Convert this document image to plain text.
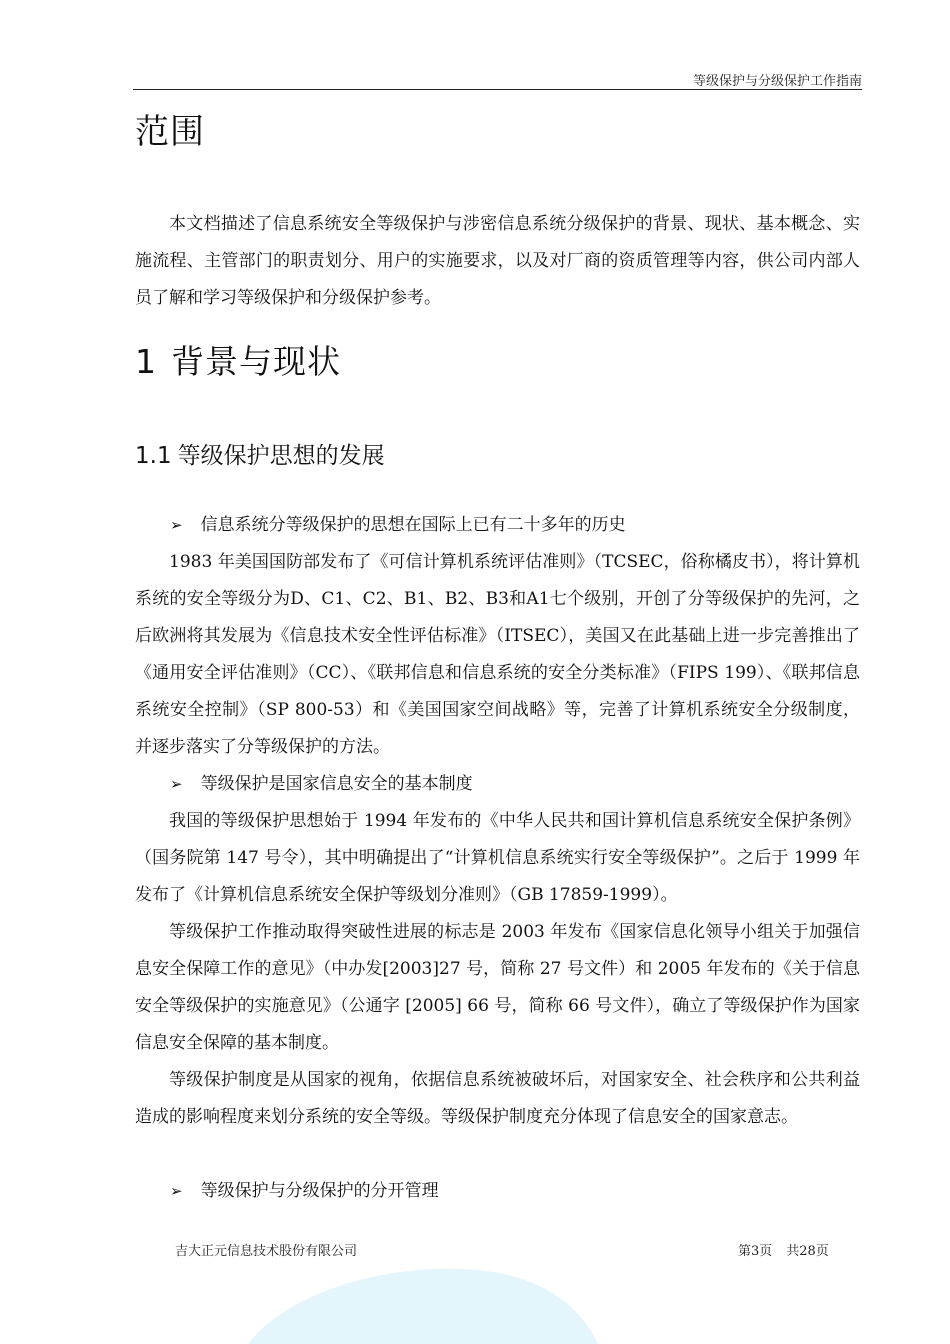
等级保护与分级保护工作指南
范围

本文档描述了信息系统安全等级保护与涉密信息系统分级保护的背景、现状、基本概念、实施流程、主管部门的职责划分、用户的实施要求，以及对厂商的资质管理等内容，供公司内部人员了解和学习等级保护和分级保护参考。

1 背景与现状
1.1 等级保护思想的发展

➢ 信息系统分等级保护的思想在国际上已有二十多年的历史

1983 年美国国防部发布了《可信计算机系统评估准则》（TCSEC，俗称橘皮书），将计算机系统的安全等级分为D、C1、C2、B1、B2、B3和A1七个级别，开创了分等级保护的先河，之后欧洲将其发展为《信息技术安全性评估标准》（ITSEC），美国又在此基础上进一步完善推出了《通用安全评估准则》（CC）、《联邦信息和信息系统的安全分类标准》（FIPS 199）、《联邦信息系统安全控制》（SP 800-53）和《美国国家空间战略》等，完善了计算机系统安全分级制度，并逐步落实了分等级保护的方法。

➢ 等级保护是国家信息安全的基本制度

我国的等级保护思想始于 1994 年发布的《中华人民共和国计算机信息系统安全保护条例》（国务院第 147 号令），其中明确提出了“计算机信息系统实行安全等级保护”。之后于 1999 年发布了《计算机信息系统安全保护等级划分准则》（GB 17859-1999）。

等级保护工作推动取得突破性进展的标志是 2003 年发布《国家信息化领导小组关于加强信息安全保障工作的意见》（中办发[2003]27 号，简称 27 号文件）和 2005 年发布的《关于信息安全等级保护的实施意见》（公通字 [2005] 66 号，简称 66 号文件），确立了等级保护作为国家信息安全保障的基本制度。

等级保护制度是从国家的视角，依据信息系统被破坏后，对国家安全、社会秩序和公共利益造成的影响程度来划分系统的安全等级。等级保护制度充分体现了信息安全的国家意志。

➢ 等级保护与分级保护的分开管理

吉大正元信息技术股份有限公司	第3页 共28页
